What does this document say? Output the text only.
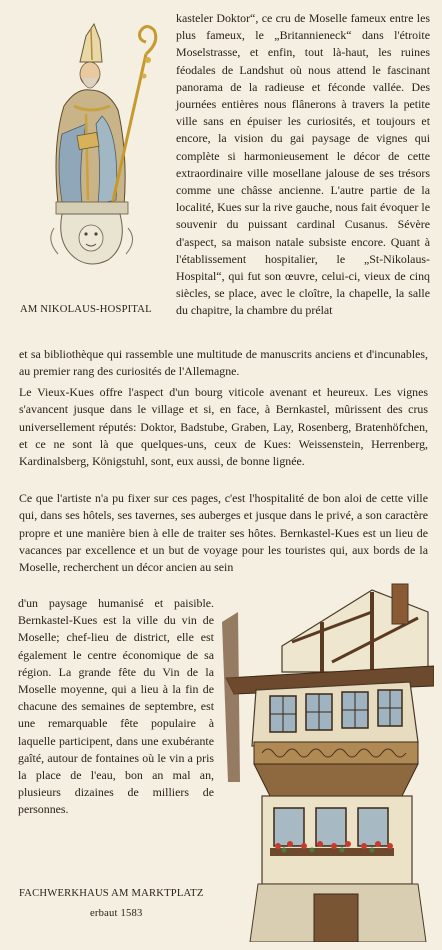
AM NIKOLAUS-HOSPITAL

kasteler Doktor“, ce cru de Moselle fameux entre les plus fameux, le „Britannieneck“ dans l'étroite Moselstrasse, et enfin, tout là-haut, les ruines féodales de Landshut où nous attend le fascinant panorama de la radieuse et féconde vallée. Des journées entières nous flânerons à travers la petite ville sans en épuiser les curiosités, et toujours et encore, la vision du gai paysage de vignes qui complète si harmonieusement le décor de cette extraordinaire ville mosellane jalouse de ses trésors comme une châsse ancienne. L'autre partie de la localité, Kues sur la rive gauche, nous fait évoquer le souvenir du puissant cardinal Cusanus. Sévère d'aspect, sa maison natale subsiste encore. Quant à l'établissement hospitalier, le „St-Nikolaus-Hospital“, qui fut son œuvre, celui-ci, vieux de cinq siècles, se place, avec le cloître, la chapelle, la salle du chapitre, la chambre du prélat

et sa bibliothèque qui rassemble une multitude de manuscrits anciens et d'incunables, au premier rang des curiosités de l'Allemagne.

Le Vieux-Kues offre l'aspect d'un bourg viticole avenant et heureux. Les vignes s'avancent jusque dans le village et si, en face, à Bernkastel, mûrissent des crus universellement réputés: Doktor, Badstube, Graben, Lay, Rosenberg, Bratenhöfchen, et ce ne sont là que quelques-uns, ceux de Kues: Weissenstein, Herrenberg, Kardinalsberg, Königstuhl, sont, eux aussi, de bonne lignée.

Ce que l'artiste n'a pu fixer sur ces pages, c'est l'hospitalité de bon aloi de cette ville qui, dans ses hôtels, ses tavernes, ses auberges et jusque dans le privé, a son caractère propre et une manière bien à elle de traiter ses hôtes. Bernkastel-Kues est un lieu de vacances par excellence et un but de voyage pour les touristes qui, aux bords de la Moselle, recherchent un décor ancien au sein

d'un paysage humanisé et paisible. Bernkastel-Kues est la ville du vin de Moselle; chef-lieu de district, elle est également le centre économique de sa région. La grande fête du Vin de la Moselle moyenne, qui a lieu à la fin de chacune des semaines de septembre, est une remarquable fête populaire à laquelle participent, dans une exubérante gaîté, autour de fontaines où le vin a pris la place de l'eau, bon an mal an, plusieurs dizaines de milliers de personnes.

FACHWERKHAUS AM MARKTPLATZ
erbaut 1583
